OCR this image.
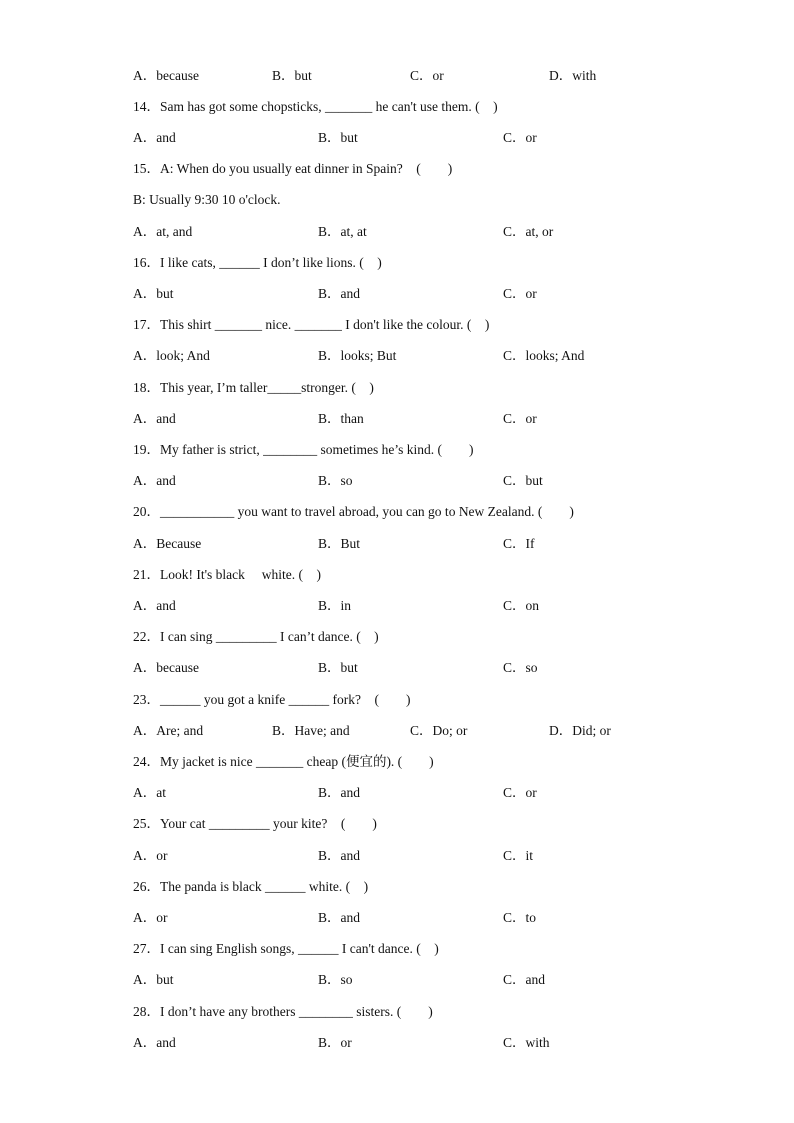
A．because	B．but	C．or	D．with
14．Sam has got some chopsticks, _______ he can't use them. (　)
A．and	B．but	C．or
15．A: When do you usually eat dinner in Spain?　(　　)
B: Usually 9:30 10 o'clock.
A．at, and	B．at, at	C．at, or
16．I like cats, ______ I don’t like lions. (　)
A．but	B．and	C．or
17．This shirt _______ nice. _______ I don't like the colour. (　)
A．look; And	B．looks; But	C．looks; And
18．This year, I’m taller_____stronger. (　)
A．and	B．than	C．or
19．My father is strict, ________ sometimes he’s kind. (　　)
A．and	B．so	C．but
20．___________ you want to travel abroad, you can go to New Zealand. (　　)
A．Because	B．But	C．If
21．Look! It's black　 white. (　)
A．and	B．in	C．on
22．I can sing _________ I can’t dance. (　)
A．because	B．but	C．so
23．______ you got a knife ______ fork?　(　　)
A．Are; and	B．Have; and	C．Do; or	D．Did; or
24．My jacket is nice _______ cheap (便宜的). (　　)
A．at	B．and	C．or
25．Your cat _________ your kite?　(　　)
A．or	B．and	C．it
26．The panda is black ______ white. (　)
A．or	B．and	C．to
27．I can sing English songs, ______ I can't dance. (　)
A．but	B．so	C．and
28．I don’t have any brothers ________ sisters. (　　)
A．and	B．or	C．with
